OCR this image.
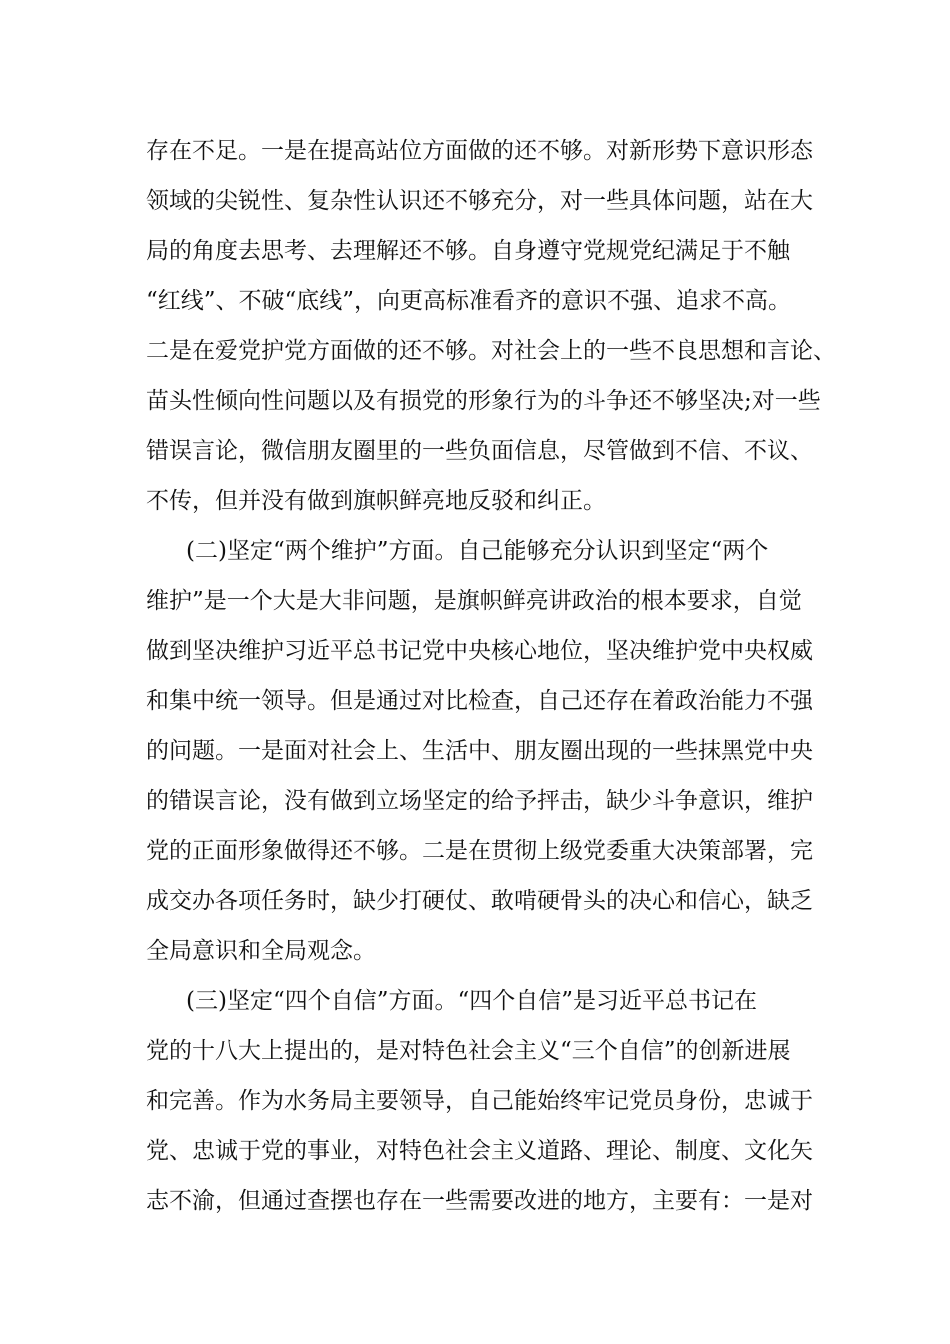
存在不足。一是在提高站位方面做的还不够。对新形势下意识形态
领域的尖锐性、复杂性认识还不够充分，对一些具体问题，站在大
局的角度去思考、去理解还不够。自身遵守党规党纪满足于不触
“红线”、不破“底线”，向更高标准看齐的意识不强、追求不高。
二是在爱党护党方面做的还不够。对社会上的一些不良思想和言论、
苗头性倾向性问题以及有损党的形象行为的斗争还不够坚决;对一些
错误言论，微信朋友圈里的一些负面信息，尽管做到不信、不议、
不传，但并没有做到旗帜鲜亮地反驳和纠正。
(二)坚定“两个维护”方面。自己能够充分认识到坚定“两个
维护”是一个大是大非问题，是旗帜鲜亮讲政治的根本要求，自觉
做到坚决维护习近平总书记党中央核心地位，坚决维护党中央权威
和集中统一领导。但是通过对比检查，自己还存在着政治能力不强
的问题。一是面对社会上、生活中、朋友圈出现的一些抹黑党中央
的错误言论，没有做到立场坚定的给予抨击，缺少斗争意识，维护
党的正面形象做得还不够。二是在贯彻上级党委重大决策部署，完
成交办各项任务时，缺少打硬仗、敢啃硬骨头的决心和信心，缺乏
全局意识和全局观念。
(三)坚定“四个自信”方面。“四个自信”是习近平总书记在
党的十八大上提出的，是对特色社会主义“三个自信”的创新进展
和完善。作为水务局主要领导，自己能始终牢记党员身份，忠诚于
党、忠诚于党的事业，对特色社会主义道路、理论、制度、文化矢
志不渝，但通过查摆也存在一些需要改进的地方，主要有：一是对
